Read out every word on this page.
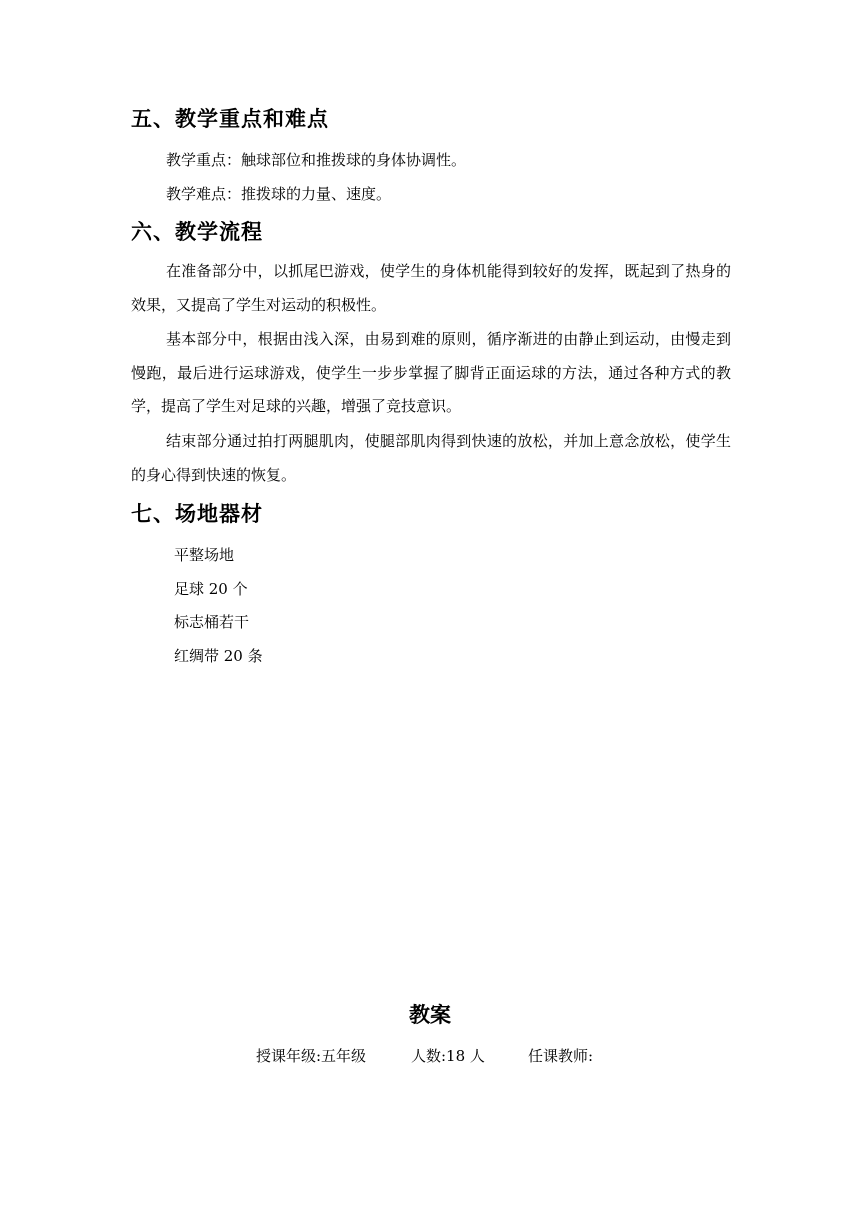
五、教学重点和难点
教学重点：触球部位和推拨球的身体协调性。
教学难点：推拨球的力量、速度。
六、教学流程
在准备部分中，以抓尾巴游戏，使学生的身体机能得到较好的发挥，既起到了热身的效果，又提高了学生对运动的积极性。
基本部分中，根据由浅入深，由易到难的原则，循序渐进的由静止到运动，由慢走到慢跑，最后进行运球游戏，使学生一步步掌握了脚背正面运球的方法，通过各种方式的教学，提高了学生对足球的兴趣，增强了竞技意识。
结束部分通过拍打两腿肌肉，使腿部肌肉得到快速的放松，并加上意念放松，使学生的身心得到快速的恢复。
七、场地器材
平整场地
足球 20 个
标志桶若干
红绸带 20 条
教案
授课年级:五年级	人数:18 人	任课教师:
